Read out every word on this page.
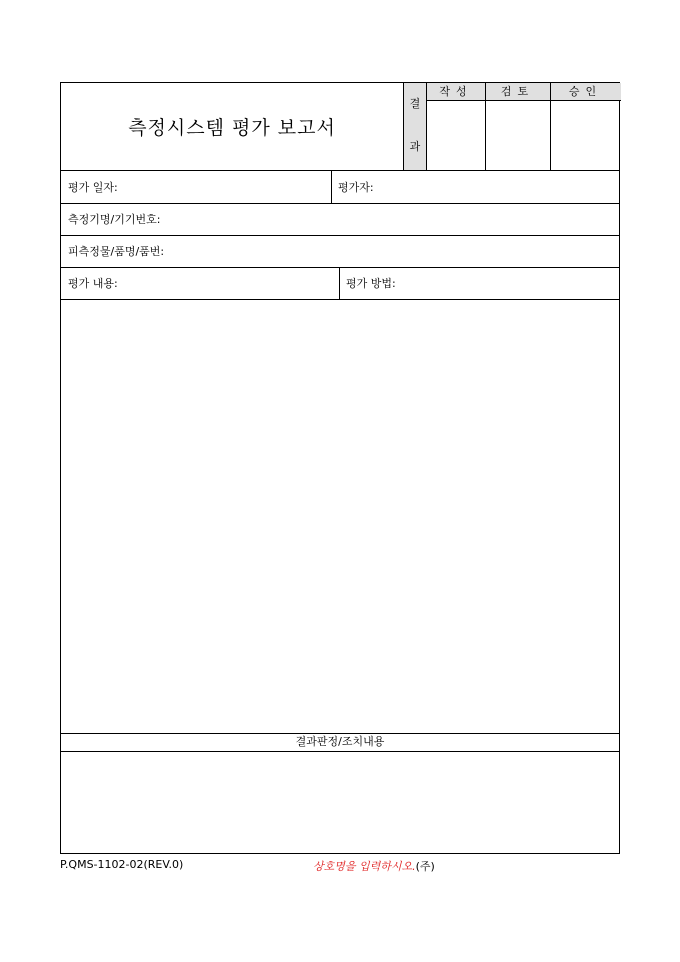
측정시스템 평가 보고서
결
과
작성	검토	승인
평가 일자:	평가자:
측정기명/기기번호:
피측정물/품명/품번:
평가 내용:	평가 방법:
결과판정/조치내용
P.QMS-1102-02(REV.0)	상호명을 입력하시오.(주)
